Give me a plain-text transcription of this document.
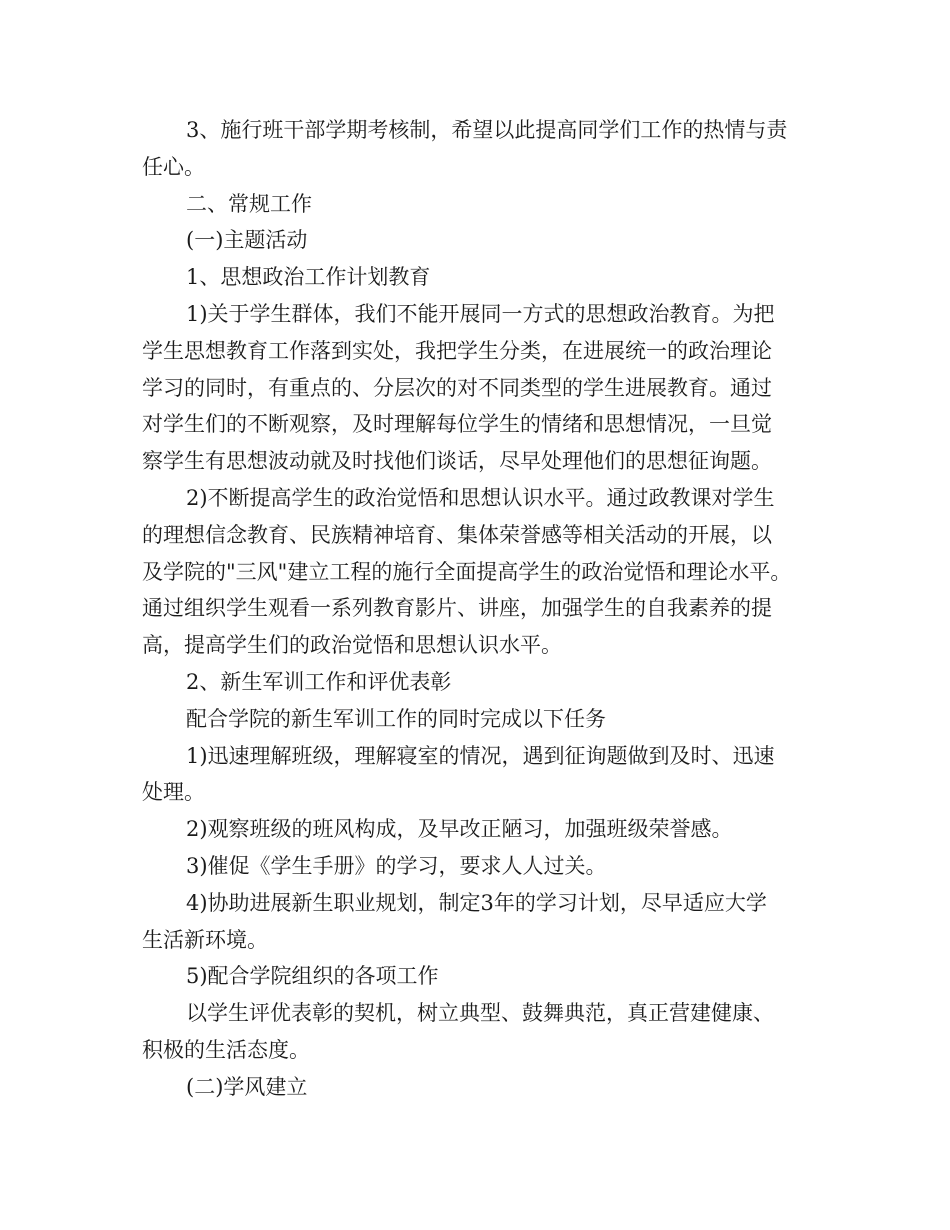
3、施行班干部学期考核制，希望以此提高同学们工作的热情与责
任心。
二、常规工作
(一)主题活动
1、思想政治工作计划教育
1)关于学生群体，我们不能开展同一方式的思想政治教育。为把
学生思想教育工作落到实处，我把学生分类，在进展统一的政治理论
学习的同时，有重点的、分层次的对不同类型的学生进展教育。通过
对学生们的不断观察，及时理解每位学生的情绪和思想情况，一旦觉
察学生有思想波动就及时找他们谈话，尽早处理他们的思想征询题。
2)不断提高学生的政治觉悟和思想认识水平。通过政教课对学生
的理想信念教育、民族精神培育、集体荣誉感等相关活动的开展，以
及学院的"三风"建立工程的施行全面提高学生的政治觉悟和理论水平。
通过组织学生观看一系列教育影片、讲座，加强学生的自我素养的提
高，提高学生们的政治觉悟和思想认识水平。
2、新生军训工作和评优表彰
配合学院的新生军训工作的同时完成以下任务
1)迅速理解班级，理解寝室的情况，遇到征询题做到及时、迅速
处理。
2)观察班级的班风构成，及早改正陋习，加强班级荣誉感。
3)催促《学生手册》的学习，要求人人过关。
4)协助进展新生职业规划，制定3年的学习计划，尽早适应大学
生活新环境。
5)配合学院组织的各项工作
以学生评优表彰的契机，树立典型、鼓舞典范，真正营建健康、
积极的生活态度。
(二)学风建立
